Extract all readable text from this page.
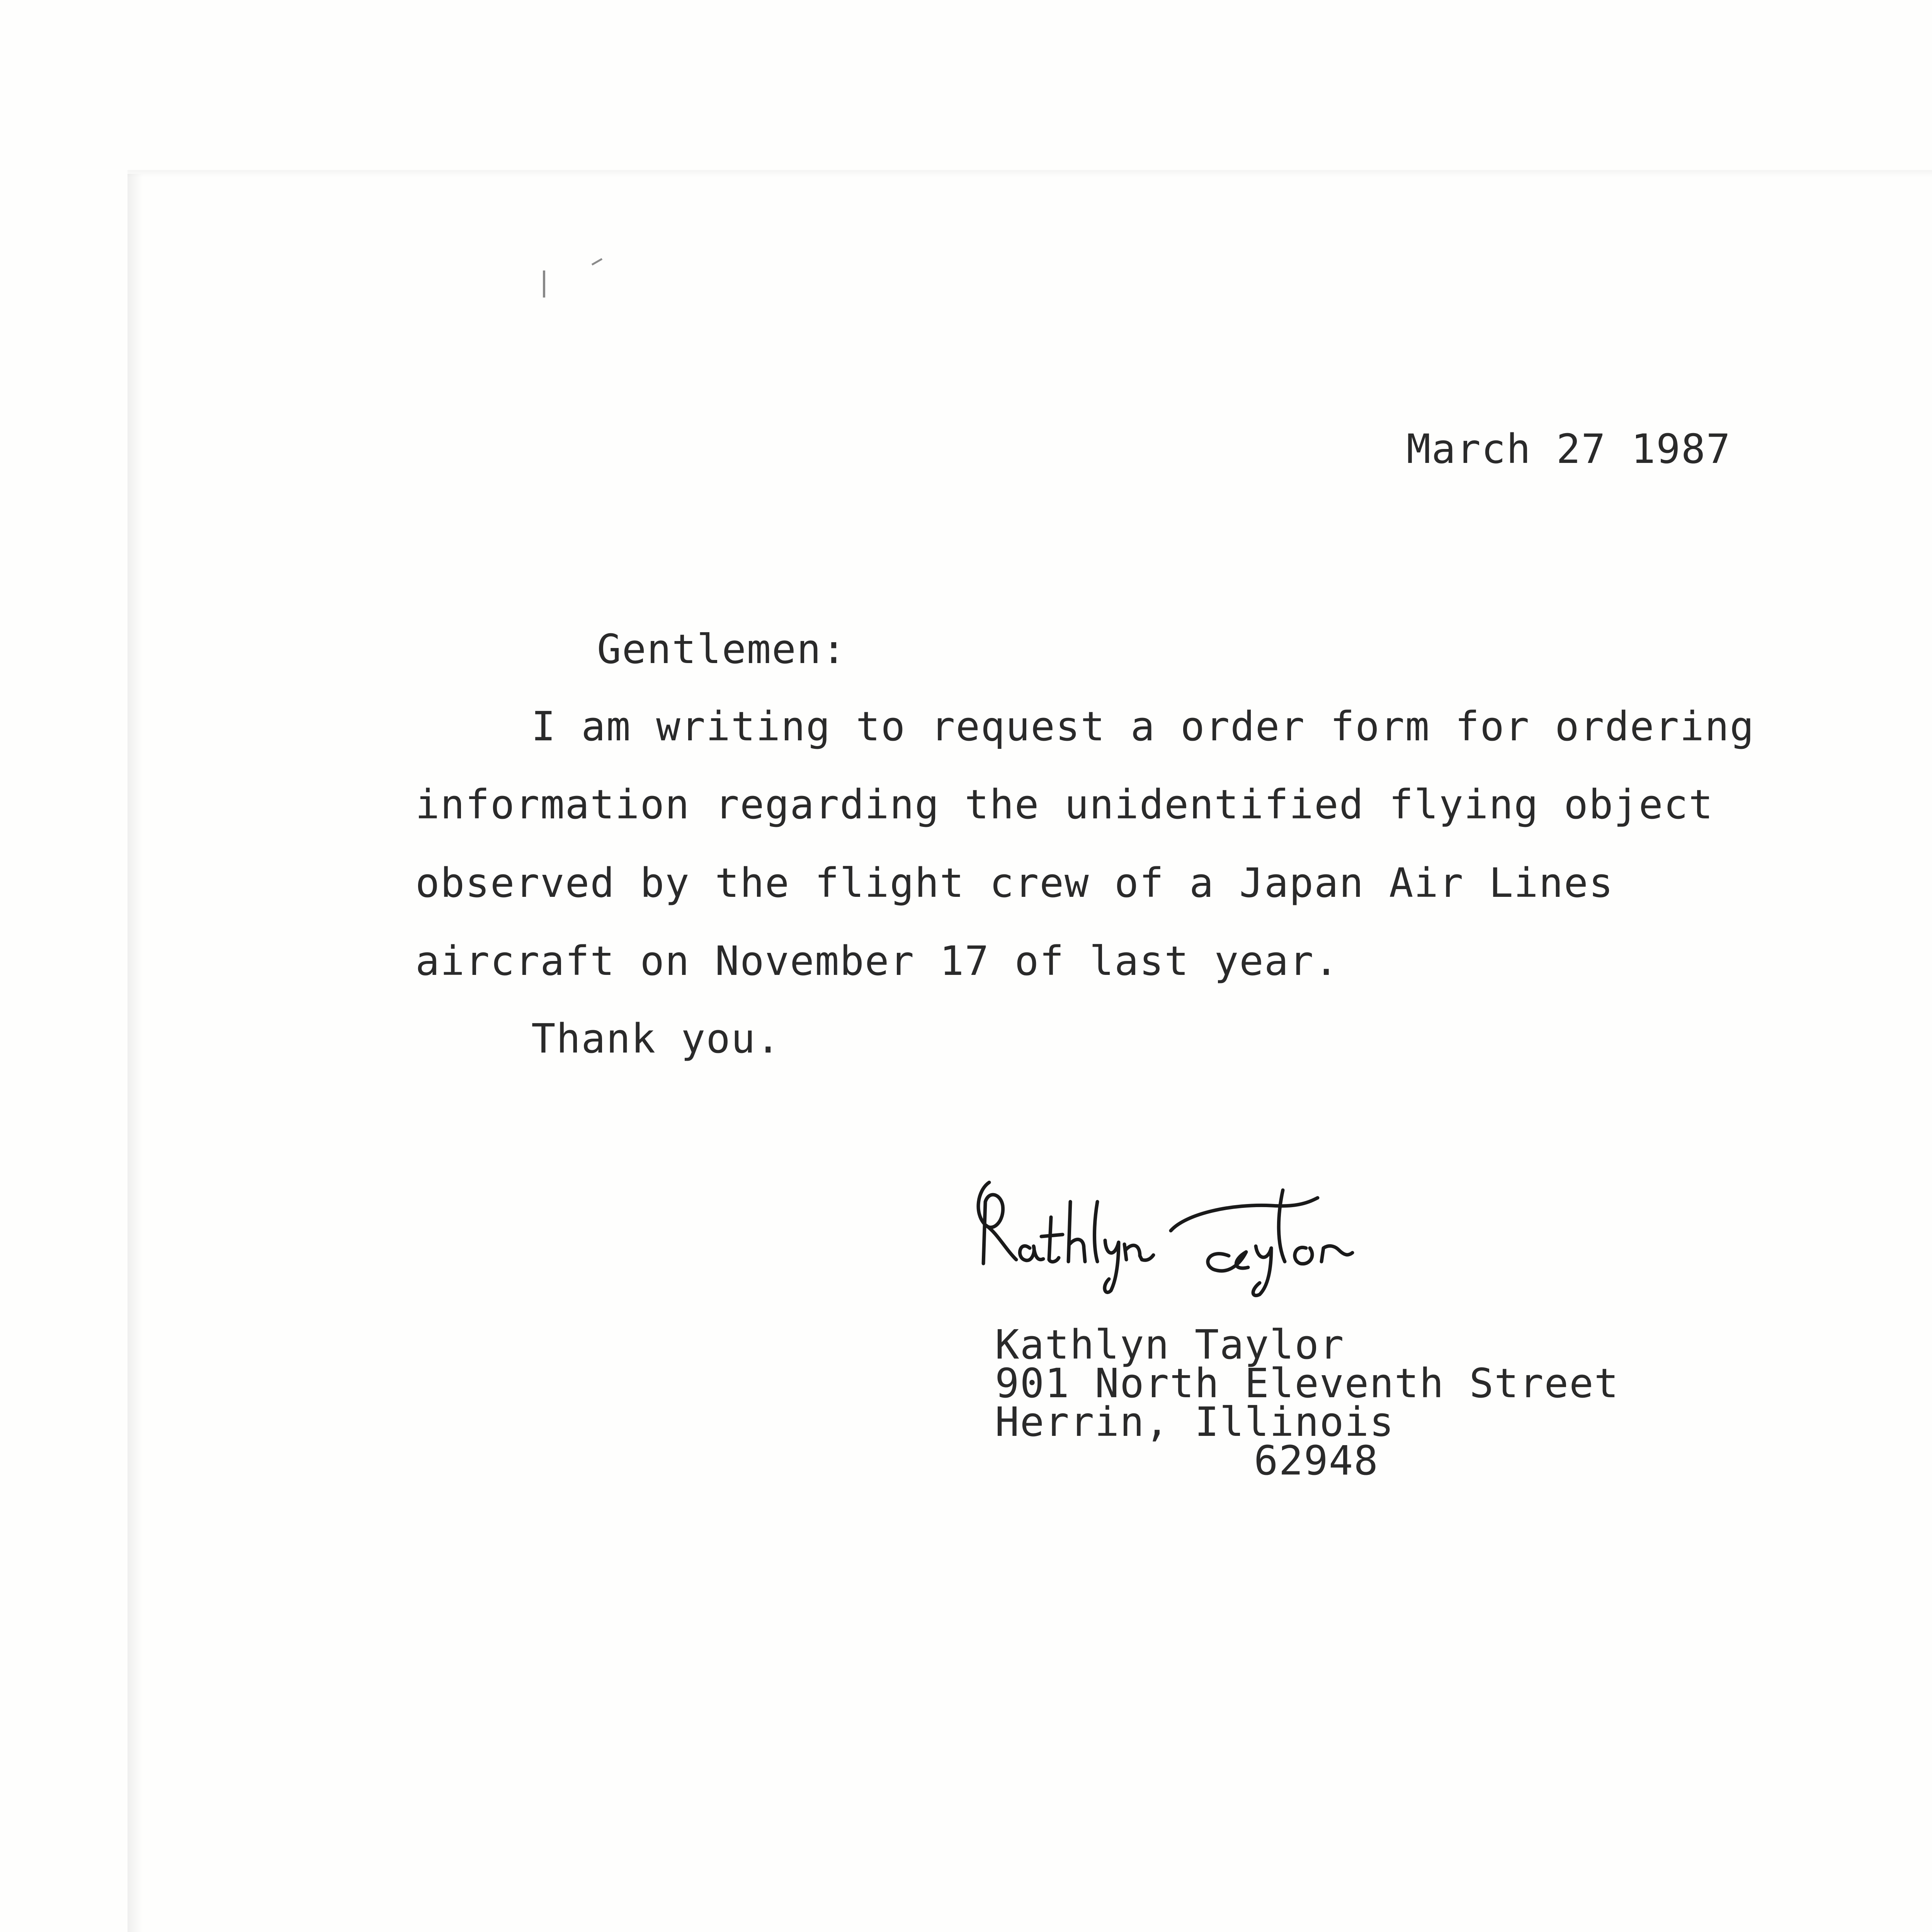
March 27 1987
Gentlemen:
I am writing to request a order form for ordering
information regarding the unidentified flying object
observed by the flight crew of a Japan Air Lines
aircraft on November 17 of last year.
Thank you.
Kathlyn Taylor
901 North Eleventh Street
Herrin, Illinois
62948
